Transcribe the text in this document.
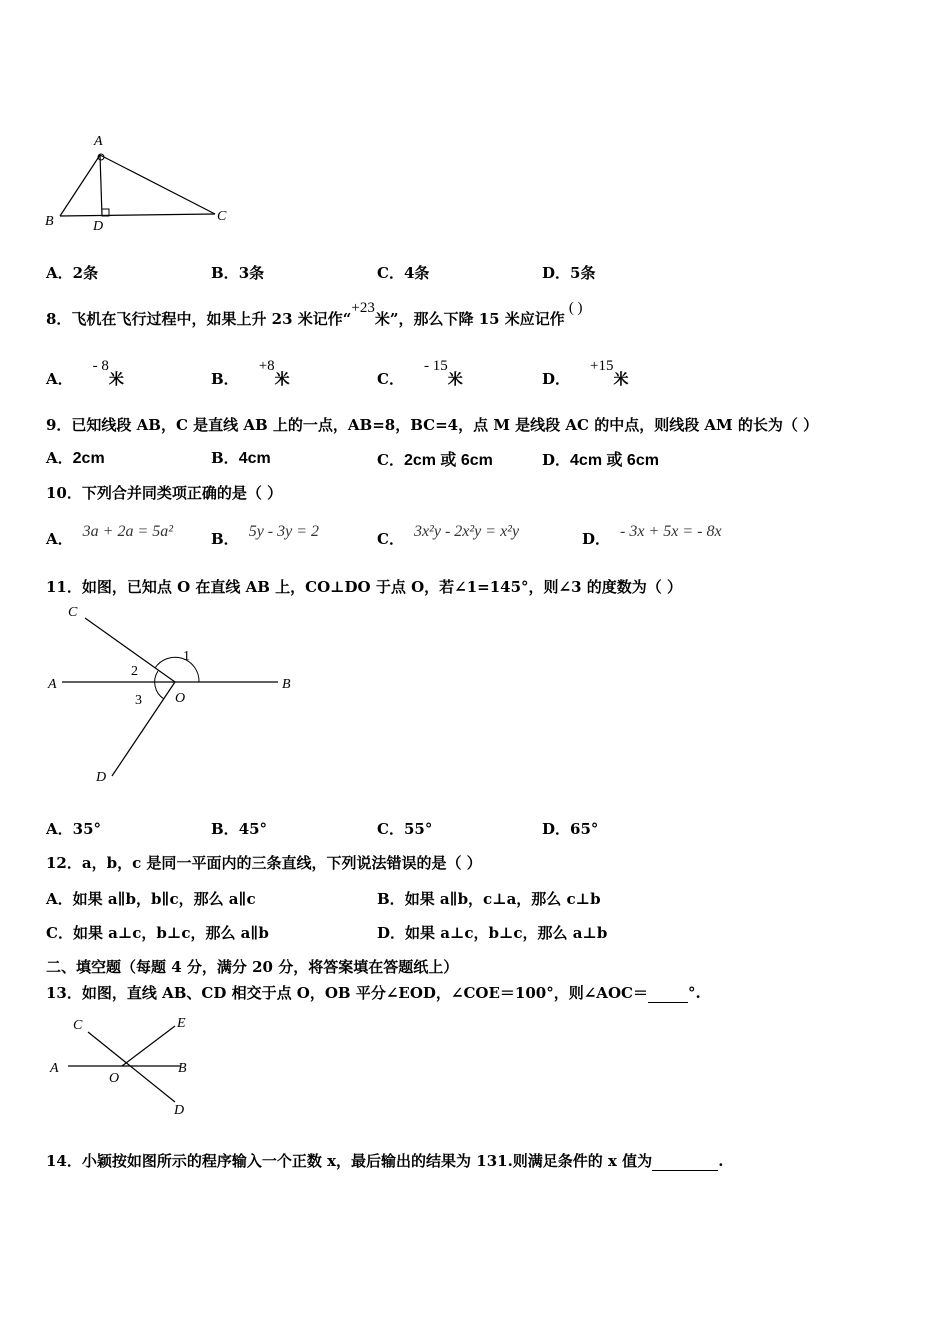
A
B	C
D
A．2条	B．3条	C．4条	D．5条
8．飞机在飞行过程中，如果上升 23 米记作“+23米”，那么下降 15 米应记作( )
A．- 8米	B．+8米	C．- 15米	D．+15米
9．已知线段 AB，C 是直线 AB 上的一点，AB=8，BC=4，点 M 是线段 AC 的中点，则线段 AM 的长为（ ）
A．2cm	B．4cm	C．2cm 或 6cm	D．4cm 或 6cm
10．下列合并同类项正确的是（ ）
A． 3a + 2a = 5a²	B． 5y - 3y = 2	C． 3x²y - 2x²y = x²y	D． - 3x + 5x = - 8x
11．如图，已知点 O 在直线 AB 上，CO⊥DO 于点 O，若∠1=145°，则∠3 的度数为（ ）
A	B
C
D
O
1
2
3
A．35°	B．45°	C．55°	D．65°
12．a，b，c 是同一平面内的三条直线，下列说法错误的是（ ）
A．如果 a∥b，b∥c，那么 a∥c	B．如果 a∥b，c⊥a，那么 c⊥b
C．如果 a⊥c，b⊥c，那么 a∥b	D．如果 a⊥c，b⊥c，那么 a⊥b
二、填空题（每题 4 分，满分 20 分，将答案填在答题纸上）
13．如图，直线 AB、CD 相交于点 O，OB 平分∠EOD，∠COE＝100°，则∠AOC＝	°.
A	B
C
D
E
O
14．小颖按如图所示的程序输入一个正数 x，最后输出的结果为 131.则满足条件的 x 值为	.
